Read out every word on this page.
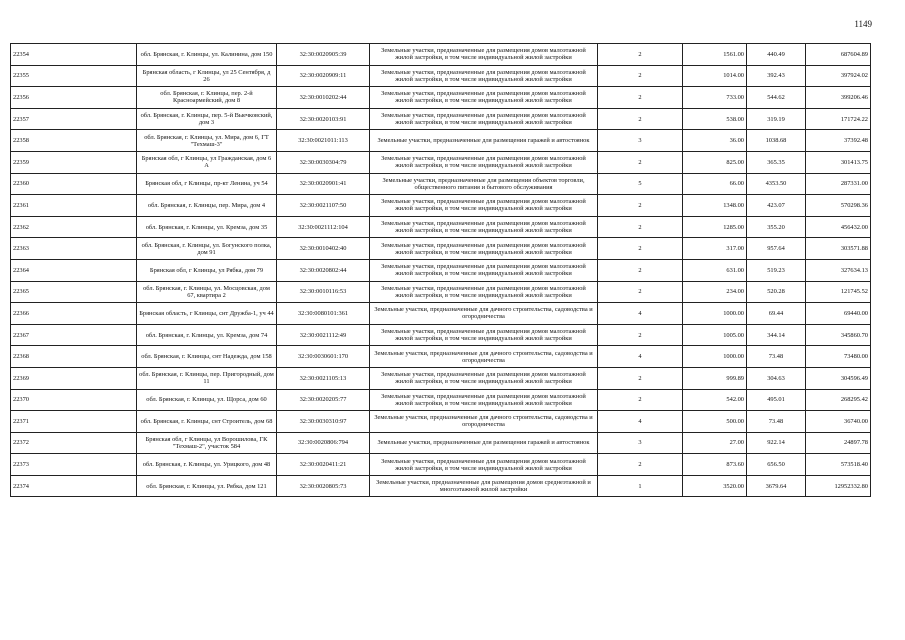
1149
22354	обл. Брянская, г. Клинцы, ул. Калинина, дом 150	32:30:0020905:39	Земельные участки, предназначенные для размещения домов малоэтажной жилой застройки, в том числе индивидуальной жилой застройки	2	1561.00	440.49	687604.89
22355	Брянская область, г Клинцы, ул 25 Сентября, д 26	32:30:0020909:11	Земельные участки, предназначенные для размещения домов малоэтажной жилой застройки, в том числе индивидуальной жилой застройки	2	1014.00	392.43	397924.02
22356	обл. Брянская, г. Клинцы, пер. 2-й Красноармейский, дом 8	32:30:0010202:44	Земельные участки, предназначенные для размещения домов малоэтажной жилой застройки, в том числе индивидуальной жилой застройки	2	733.00	544.62	399206.46
22357	обл. Брянская, г. Клинцы, пер. 5-й Выечковский, дом 3	32:30:0020103:91	Земельные участки, предназначенные для размещения домов малоэтажной жилой застройки, в том числе индивидуальной жилой застройки	2	538.00	319.19	171724.22
22358	обл. Брянская, г. Клинцы, ул. Мира, дом 6, ГТ "Техмаш-3"	32:30:0021011:113	Земельные участки, предназначенные для размещения гаражей и автостоянок	3	36.00	1038.68	37392.48
22359	Брянская обл, г Клинцы, ул Гражданская, дом 6 А	32:30:0030304:79	Земельные участки, предназначенные для размещения домов малоэтажной жилой застройки, в том числе индивидуальной жилой застройки	2	825.00	365.35	301413.75
22360	Брянская обл, г Клинцы, пр-кт Ленина, уч 54	32:30:0020901:41	Земельные участки, предназначенные для размещения объектов торговли, общественного питания и бытового обслуживания	5	66.00	4353.50	287331.00
22361	обл. Брянская, г. Клинцы, пер. Мира, дом 4	32:30:0021107:50	Земельные участки, предназначенные для размещения домов малоэтажной жилой застройки, в том числе индивидуальной жилой застройки	2	1348.00	423.07	570298.36
22362	обл. Брянская, г. Клинцы, ул. Кремза, дом 35	32:30:0021112:104	Земельные участки, предназначенные для размещения домов малоэтажной жилой застройки, в том числе индивидуальной жилой застройки	2	1285.00	355.20	456432.00
22363	обл. Брянская, г. Клинцы, ул. Богунского полка, дом 91	32:30:0010402:40	Земельные участки, предназначенные для размещения домов малоэтажной жилой застройки, в том числе индивидуальной жилой застройки	2	317.00	957.64	303571.88
22364	Брянская обл, г Клинцы, ул Рябка, дом 79	32:30:0020802:44	Земельные участки, предназначенные для размещения домов малоэтажной жилой застройки, в том числе индивидуальной жилой застройки	2	631.00	519.23	327634.13
22365	обл. Брянская, г. Клинцы, ул. Мосцовская, дом 67, квартира 2	32:30:0010116:53	Земельные участки, предназначенные для размещения домов малоэтажной жилой застройки, в том числе индивидуальной жилой застройки	2	234.00	520.28	121745.52
22366	Брянская область, г Клинцы, снт Дружба-1, уч 44	32:30:0080101:361	Земельные участки, предназначенные для дачного строительства, садоводства и огородничества	4	1000.00	69.44	69440.00
22367	обл. Брянская, г. Клинцы, ул. Кремза, дом 74	32:30:0021112:49	Земельные участки, предназначенные для размещения домов малоэтажной жилой застройки, в том числе индивидуальной жилой застройки	2	1005.00	344.14	345860.70
22368	обл. Брянская, г. Клинцы, снт Надежда, дом 158	32:30:0030601:170	Земельные участки, предназначенные для дачного строительства, садоводства и огородничества	4	1000.00	73.48	73480.00
22369	обл. Брянская, г. Клинцы, пер. Пригородный, дом 11	32:30:0021105:13	Земельные участки, предназначенные для размещения домов малоэтажной жилой застройки, в том числе индивидуальной жилой застройки	2	999.89	304.63	304596.49
22370	обл. Брянская, г. Клинцы, ул. Щорса, дом 60	32:30:0020205:77	Земельные участки, предназначенные для размещения домов малоэтажной жилой застройки, в том числе индивидуальной жилой застройки	2	542.00	495.01	268295.42
22371	обл. Брянская, г. Клинцы, снт Строитель, дом 68	32:30:0030310:97	Земельные участки, предназначенные для дачного строительства, садоводства и огородничества	4	500.00	73.48	36740.00
22372	Брянская обл, г Клинцы, ул Ворошилова, ГК "Техмаш-2", участок 584	32:30:0020806:794	Земельные участки, предназначенные для размещения гаражей и автостоянок	3	27.00	922.14	24897.78
22373	обл. Брянская, г. Клинцы, ул. Урицкого, дом 48	32:30:0020411:21	Земельные участки, предназначенные для размещения домов малоэтажной жилой застройки, в том числе индивидуальной жилой застройки	2	873.60	656.50	573518.40
22374	обл. Брянская, г. Клинцы, ул. Рябка, дом 121	32:30:0020805:73	Земельные участки, предназначенные для размещения домов среднеэтажной и многоэтажной жилой застройки	1	3520.00	3679.64	12952332.80
